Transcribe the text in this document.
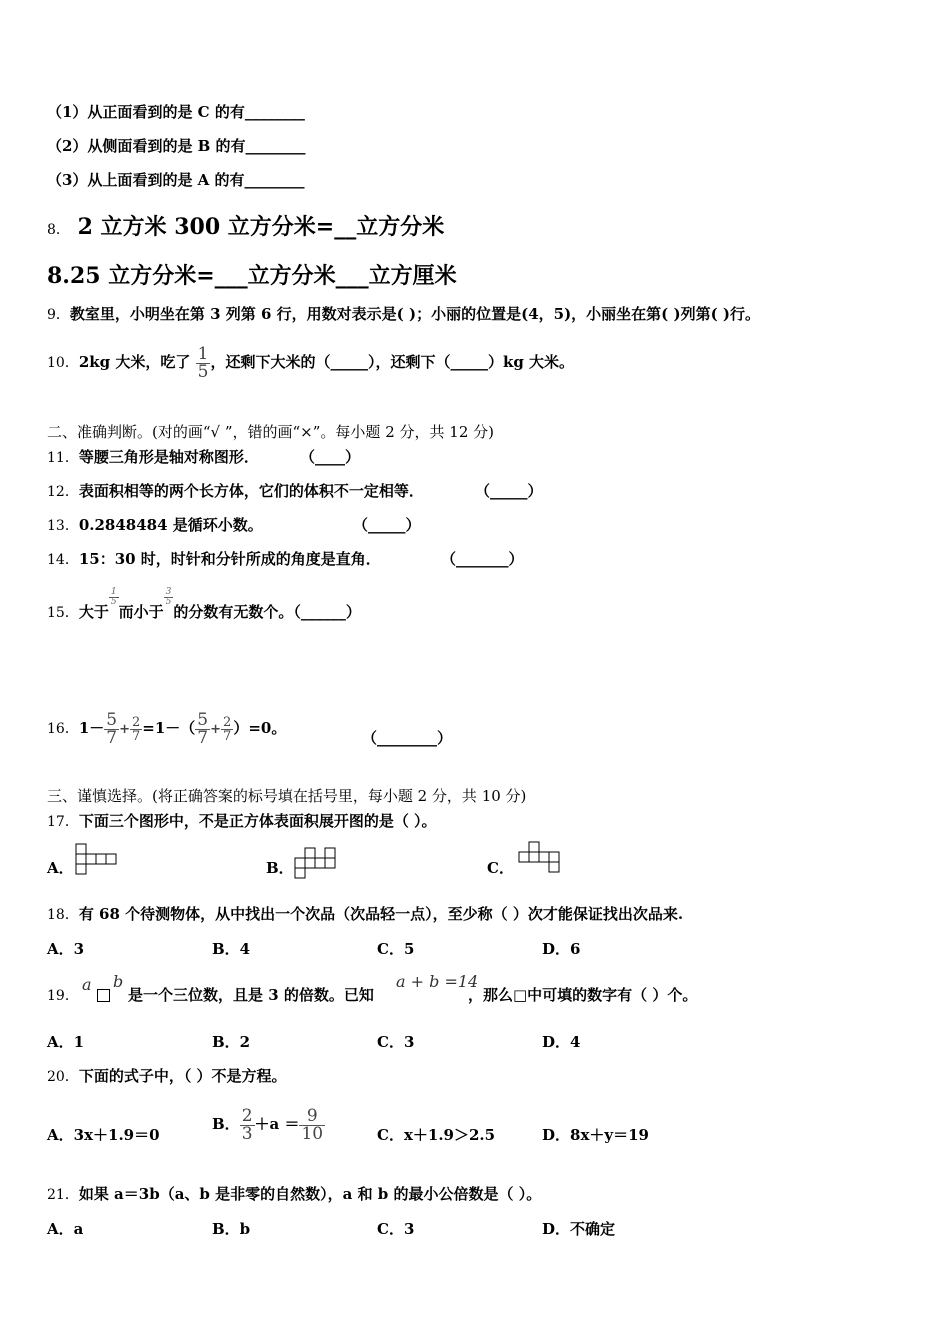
（1）从正面看到的是 C 的有________
（2）从侧面看到的是 B 的有________
（3）从上面看到的是 A 的有________
8． 2 立方米 300 立方分米=__立方分米
8.25 立方分米=___立方分米___立方厘米
9．教室里，小明坐在第 3 列第 6 行，用数对表示是( )；小丽的位置是(4，5)，小丽坐在第( )列第( )行。
10．2kg 大米，吃了 $\frac{1}{5}$ ，还剩下大米的（_____），还剩下（_____）kg 大米。
二、准确判断。(对的画“√ ”，错的画“×”。每小题 2 分，共 12 分)
11．等腰三角形是轴对称图形．	（____）
12．表面积相等的两个长方体，它们的体积不一定相等．	（_____）
13．0.2848484 是循环小数。	（_____）
14．15：30 时，时针和分针所成的角度是直角．	（_______）
15．大于
$\frac{1}{5}$
而小于
$\frac{3}{5}$
的分数有无数个。（______）
16．$1- \frac{5}{7} + \frac{2}{7} =1-( \frac{5}{7} + \frac{2}{7} )=0$。
（________）
三、谨慎选择。(将正确答案的标号填在括号里，每小题 2 分，共 10 分)
17．下面三个图形中，不是正方体表面积展开图的是（ ）。
A．	B．	C．
18．有 68 个待测物体，从中找出一个次品（次品轻一点），至少称（ ）次才能保证找出次品来.
A．3	B．4	C．5	D．6
19．
a b
是一个三位数，且是 3 的倍数。已知
a + b =14
，那么□中可填的数字有（ ）个。
A．1	B．2	C．3	D．4
20．下面的式子中，（ ）不是方程。
A．3x＋1.9＝0
B． $\frac{2}{3} +a = \frac{9}{10}$	C．x＋1.9＞2.5	D．8x＋y＝19
21．如果 a＝3b（a、b 是非零的自然数），a 和 b 的最小公倍数是（ ）。
A．a	B．b	C．3	D．不确定
